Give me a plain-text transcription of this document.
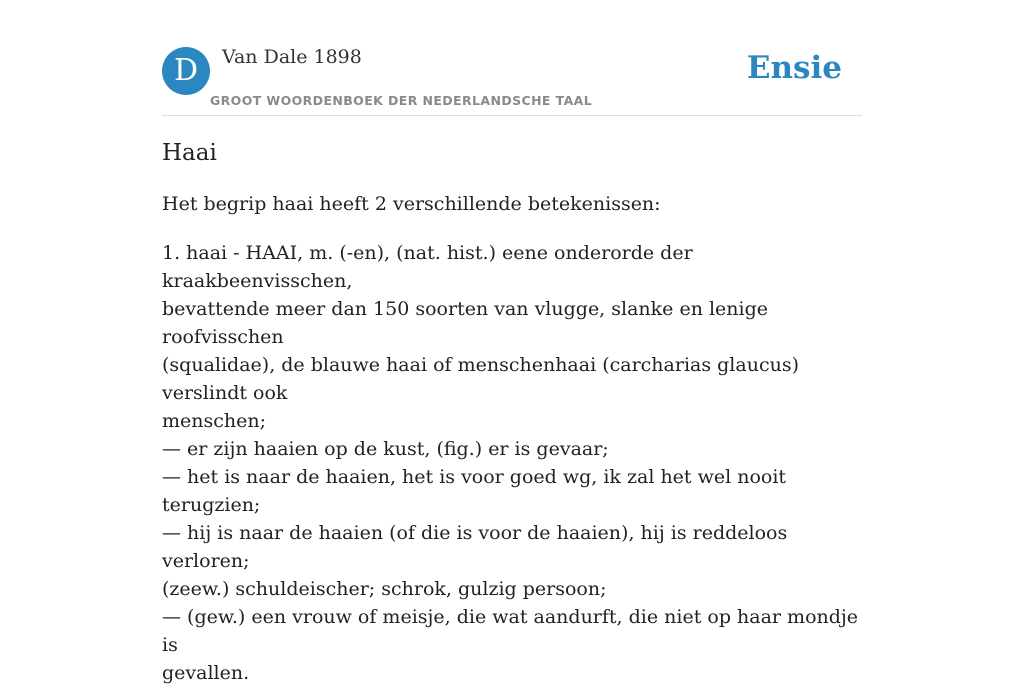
D	Van Dale 1898
GROOT WOORDENBOEK DER NEDERLANDSCHE TAAL
Ensie
Haai

Het begrip haai heeft 2 verschillende betekenissen:

1. haai - HAAI, m. (-en), (nat. hist.) eene onderorde der kraakbeenvisschen,
bevattende meer dan 150 soorten van vlugge, slanke en lenige roofvisschen
(squalidae), de blauwe haai of menschenhaai (carcharias glaucus) verslindt ook
menschen;
— er zijn haaien op de kust, (fig.) er is gevaar;
— het is naar de haaien, het is voor goed wg, ik zal het wel nooit terugzien;
— hij is naar de haaien (of die is voor de haaien), hij is reddeloos verloren;
(zeew.) schuldeischer; schrok, gulzig persoon;
— (gew.) een vrouw of meisje, die wat aandurft, die niet op haar mondje is
gevallen.
